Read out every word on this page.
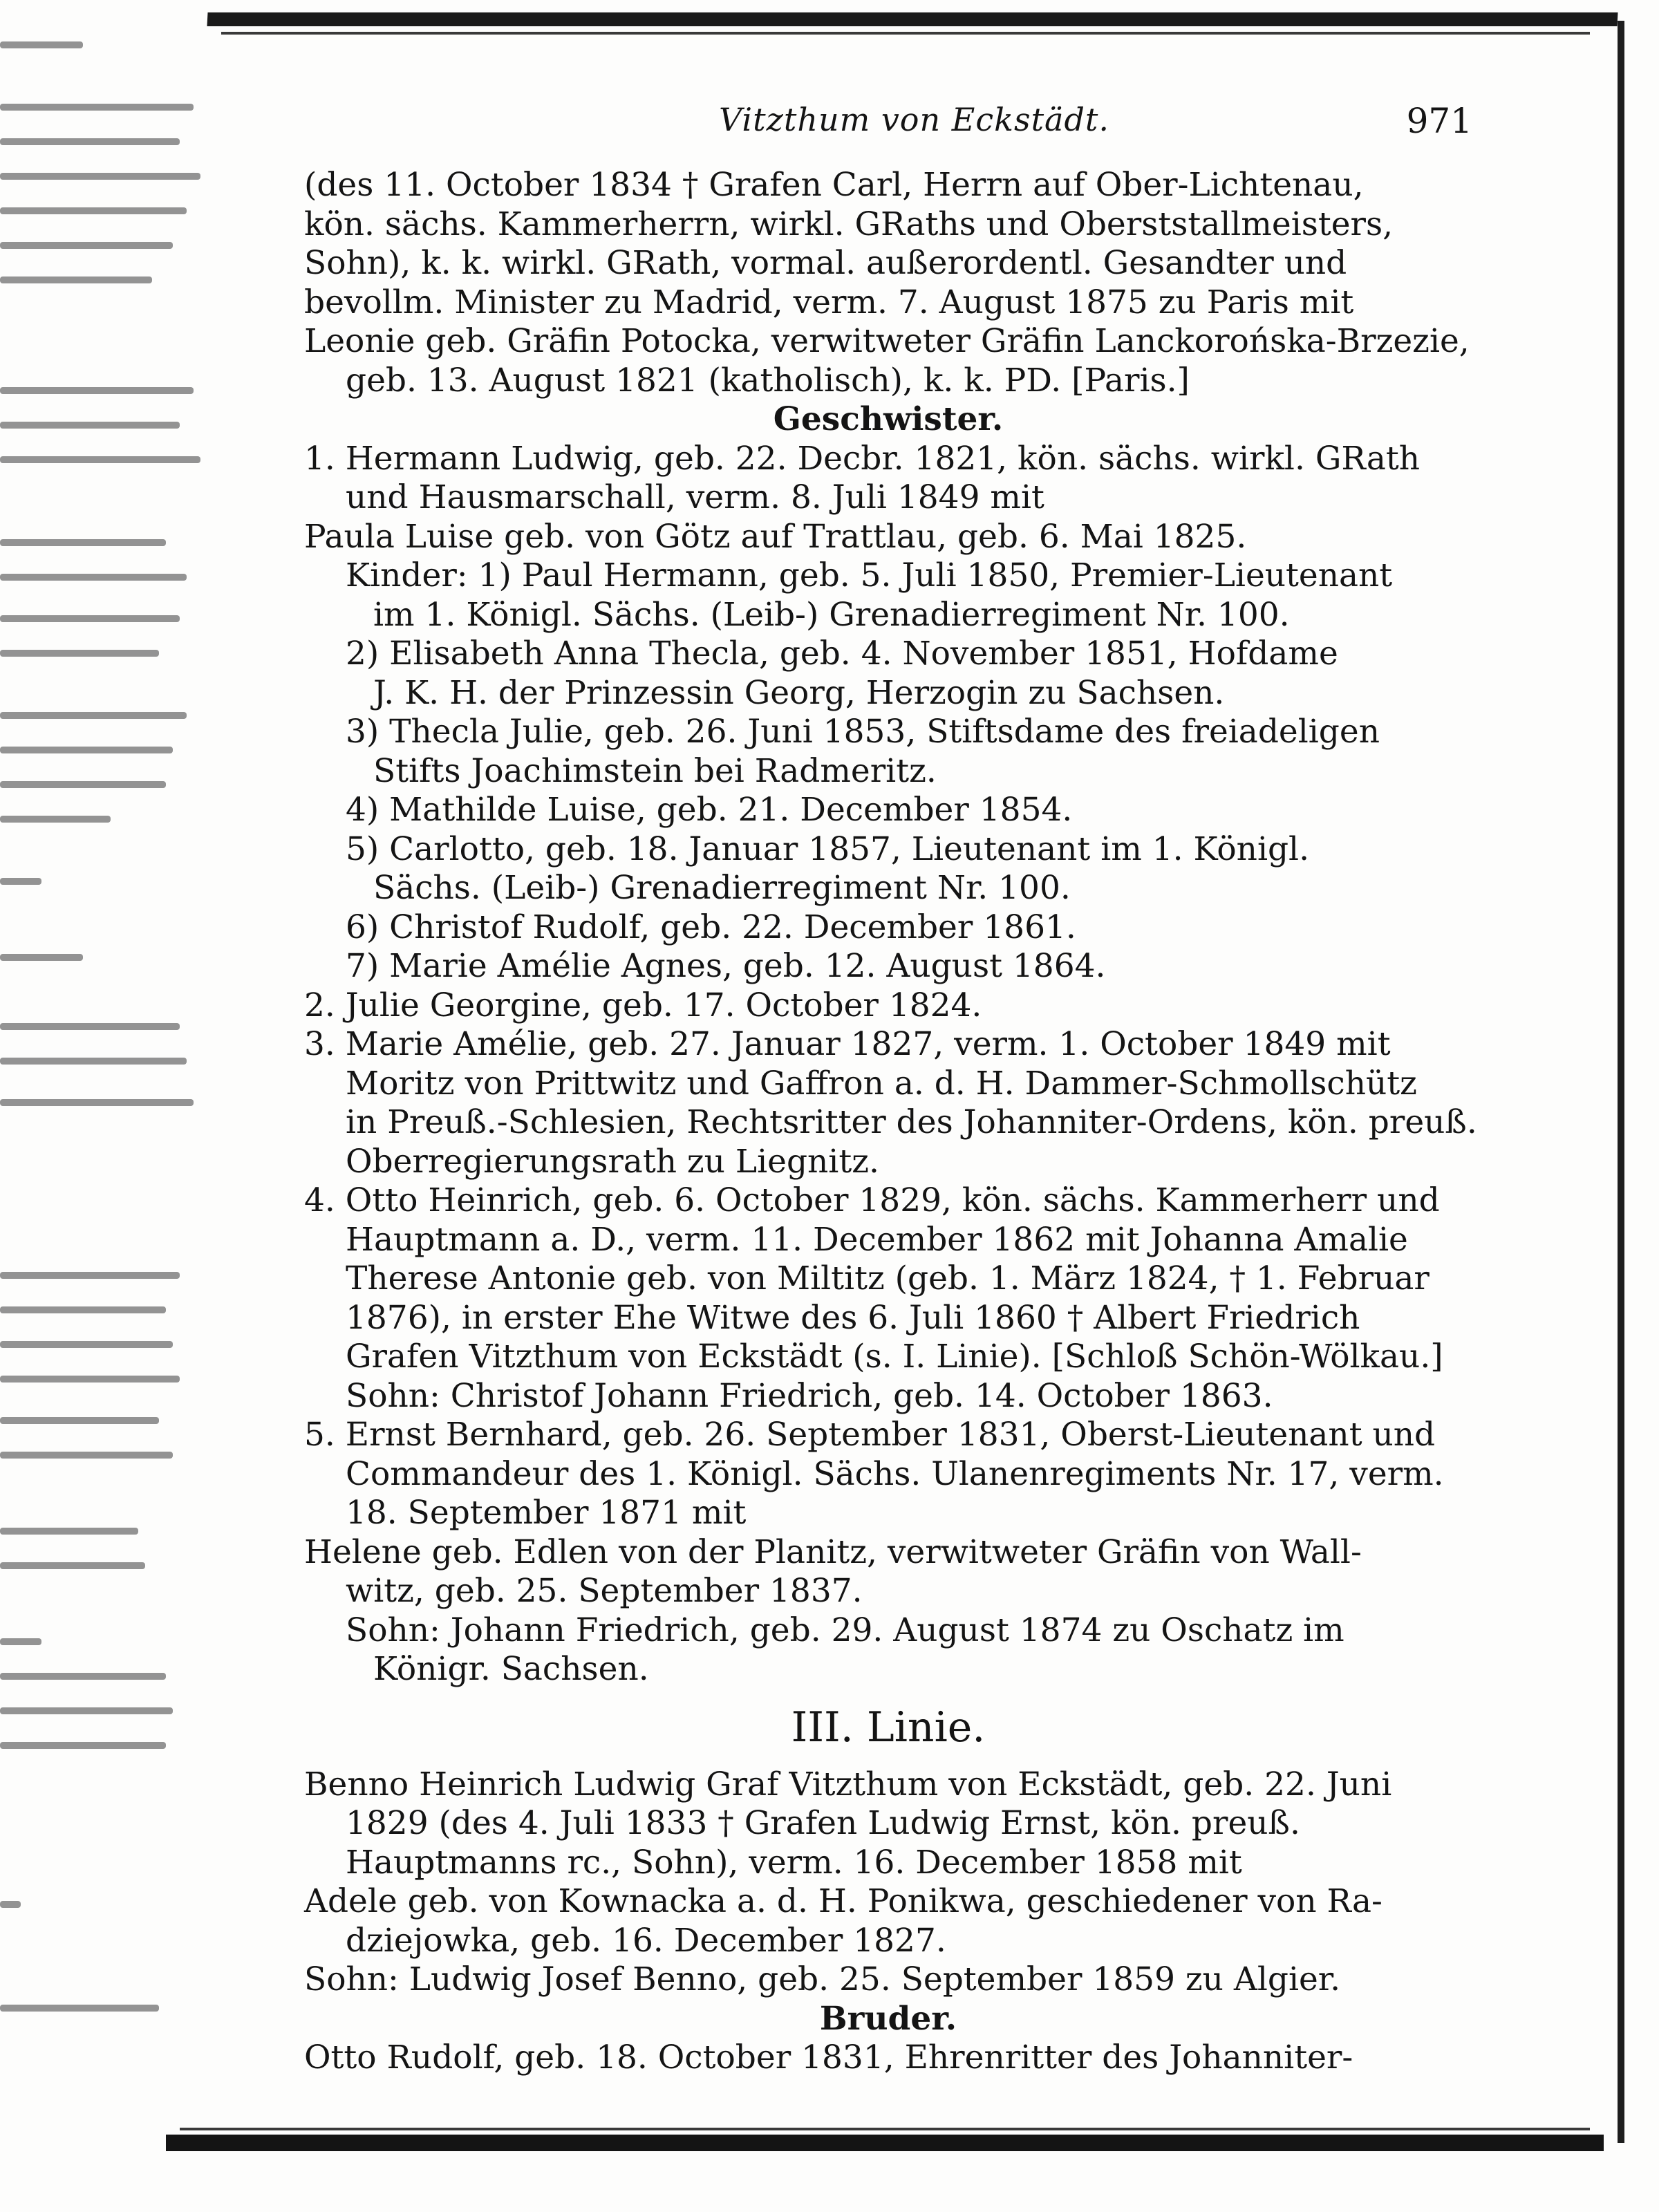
Vitzthum von Eckstädt.	971
(des 11. October 1834 † Grafen Carl, Herrn auf Ober-Lichtenau,
kön. sächs. Kammerherrn, wirkl. GRaths und Oberststallmeisters,
Sohn), k. k. wirkl. GRath, vormal. außerordentl. Gesandter und
bevollm. Minister zu Madrid, verm. 7. August 1875 zu Paris mit
Leonie geb. Gräfin Potocka, verwitweter Gräfin Lanckorońska-Brzezie,
geb. 13. August 1821 (katholisch), k. k. PD. [Paris.]
Geschwister.
1. Hermann Ludwig, geb. 22. Decbr. 1821, kön. sächs. wirkl. GRath
und Hausmarschall, verm. 8. Juli 1849 mit
Paula Luise geb. von Götz auf Trattlau, geb. 6. Mai 1825.
Kinder: 1) Paul Hermann, geb. 5. Juli 1850, Premier-Lieutenant
im 1. Königl. Sächs. (Leib-) Grenadierregiment Nr. 100.
2) Elisabeth Anna Thecla, geb. 4. November 1851, Hofdame
J. K. H. der Prinzessin Georg, Herzogin zu Sachsen.
3) Thecla Julie, geb. 26. Juni 1853, Stiftsdame des freiadeligen
Stifts Joachimstein bei Radmeritz.
4) Mathilde Luise, geb. 21. December 1854.
5) Carlotto, geb. 18. Januar 1857, Lieutenant im 1. Königl.
Sächs. (Leib-) Grenadierregiment Nr. 100.
6) Christof Rudolf, geb. 22. December 1861.
7) Marie Amélie Agnes, geb. 12. August 1864.
2. Julie Georgine, geb. 17. October 1824.
3. Marie Amélie, geb. 27. Januar 1827, verm. 1. October 1849 mit
Moritz von Prittwitz und Gaffron a. d. H. Dammer-Schmollschütz
in Preuß.-Schlesien, Rechtsritter des Johanniter-Ordens, kön. preuß.
Oberregierungsrath zu Liegnitz.
4. Otto Heinrich, geb. 6. October 1829, kön. sächs. Kammerherr und
Hauptmann a. D., verm. 11. December 1862 mit Johanna Amalie
Therese Antonie geb. von Miltitz (geb. 1. März 1824, † 1. Februar
1876), in erster Ehe Witwe des 6. Juli 1860 † Albert Friedrich
Grafen Vitzthum von Eckstädt (s. I. Linie). [Schloß Schön-Wölkau.]
Sohn: Christof Johann Friedrich, geb. 14. October 1863.
5. Ernst Bernhard, geb. 26. September 1831, Oberst-Lieutenant und
Commandeur des 1. Königl. Sächs. Ulanenregiments Nr. 17, verm.
18. September 1871 mit
Helene geb. Edlen von der Planitz, verwitweter Gräfin von Wall-
witz, geb. 25. September 1837.
Sohn: Johann Friedrich, geb. 29. August 1874 zu Oschatz im
Königr. Sachsen.
III. Linie.
Benno Heinrich Ludwig Graf Vitzthum von Eckstädt, geb. 22. Juni
1829 (des 4. Juli 1833 † Grafen Ludwig Ernst, kön. preuß.
Hauptmanns rc., Sohn), verm. 16. December 1858 mit
Adele geb. von Kownacka a. d. H. Ponikwa, geschiedener von Ra-
dziejowka, geb. 16. December 1827.
Sohn: Ludwig Josef Benno, geb. 25. September 1859 zu Algier.
Bruder.
Otto Rudolf, geb. 18. October 1831, Ehrenritter des Johanniter-
